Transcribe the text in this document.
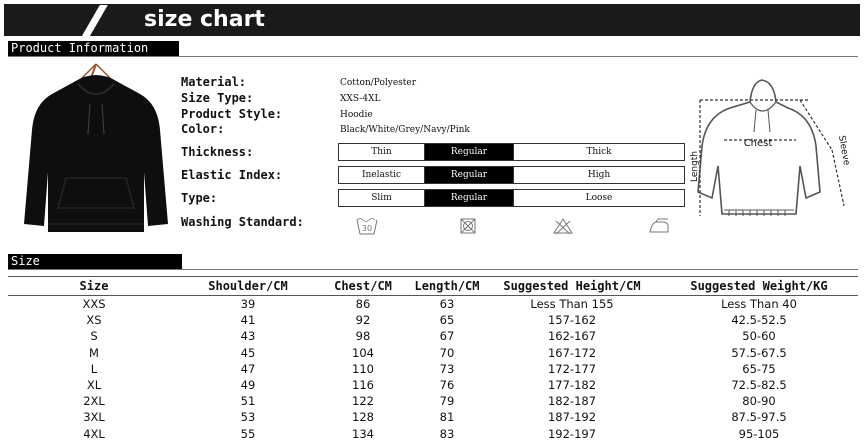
size chart
Product Information
Material:	Cotton/Polyester
Size Type:	XXS-4XL
Product Style:	Hoodie
Color:	Black/White/Grey/Navy/Pink
Thickness:	Thin	Regular	Thick
Elastic Index:	Inelastic	Regular	High
Type:	Slim	Regular	Loose
Washing Standard:	30
Chest
Length
Sleeve
Size
Size	Shoulder/CM	Chest/CM	Length/CM	Suggested Height/CM	Suggested Weight/KG
XXS	39	86	63	Less Than 155	Less Than 40
XS	41	92	65	157-162	42.5-52.5
S	43	98	67	162-167	50-60
M	45	104	70	167-172	57.5-67.5
L	47	110	73	172-177	65-75
XL	49	116	76	177-182	72.5-82.5
2XL	51	122	79	182-187	80-90
3XL	53	128	81	187-192	87.5-97.5
4XL	55	134	83	192-197	95-105
